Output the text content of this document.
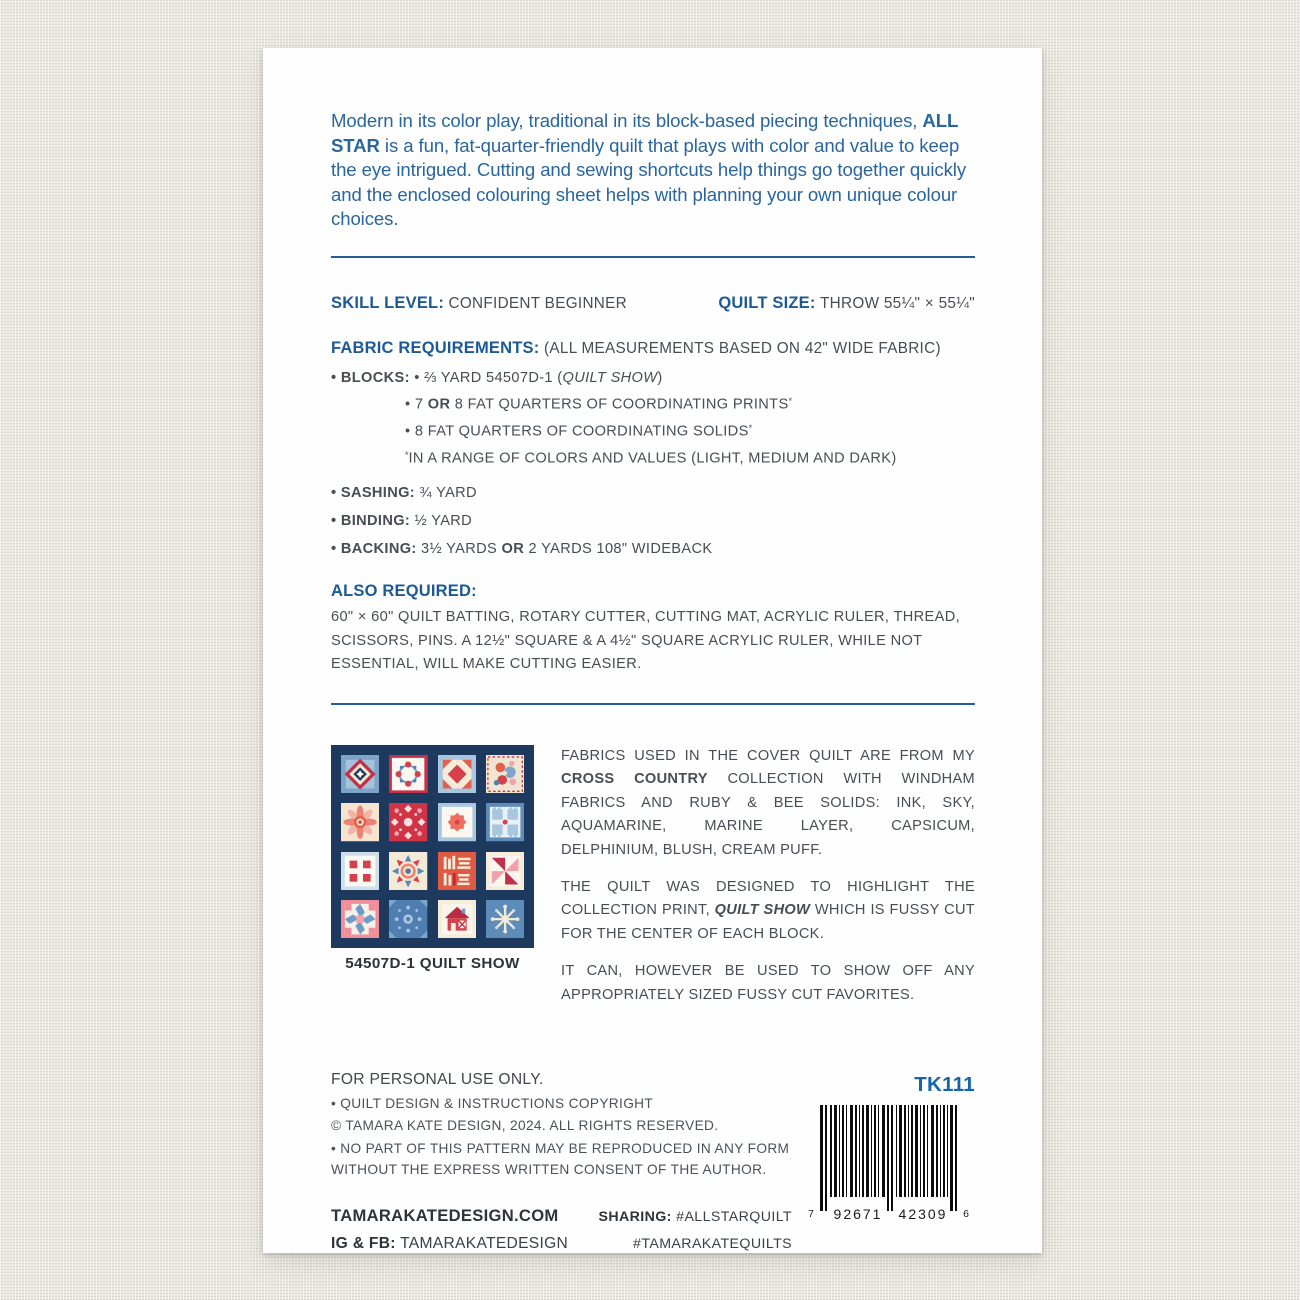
Modern in its color play, traditional in its block-based piecing techniques, ALL STAR is a fun, fat-quarter-friendly quilt that plays with color and value to keep the eye intrigued. Cutting and sewing shortcuts help things go together quickly and the enclosed colouring sheet helps with planning your own unique colour choices.
SKILL LEVEL: CONFIDENT BEGINNER	QUILT SIZE: THROW 55¼" × 55¼"
FABRIC REQUIREMENTS: (ALL MEASUREMENTS BASED ON 42" WIDE FABRIC)
• BLOCKS: • ⅔ YARD 54507D-1 (QUILT SHOW)
• 7 OR 8 FAT QUARTERS OF COORDINATING PRINTS*
• 8 FAT QUARTERS OF COORDINATING SOLIDS*
*IN A RANGE OF COLORS AND VALUES (LIGHT, MEDIUM AND DARK)
• SASHING: ¾ YARD
• BINDING: ½ YARD
• BACKING: 3½ YARDS OR 2 YARDS 108" WIDEBACK
ALSO REQUIRED:
60" × 60" QUILT BATTING, ROTARY CUTTER, CUTTING MAT, ACRYLIC RULER, THREAD, SCISSORS, PINS. A 12½" SQUARE & A 4½" SQUARE ACRYLIC RULER, WHILE NOT ESSENTIAL, WILL MAKE CUTTING EASIER.
54507D-1 QUILT SHOW

FABRICS USED IN THE COVER QUILT ARE FROM MY CROSS COUNTRY COLLECTION WITH WINDHAM FABRICS AND RUBY & BEE SOLIDS: INK, SKY, AQUAMARINE, MARINE LAYER, CAPSICUM, DELPHINIUM, BLUSH, CREAM PUFF.

THE QUILT WAS DESIGNED TO HIGHLIGHT THE COLLECTION PRINT, QUILT SHOW WHICH IS FUSSY CUT FOR THE CENTER OF EACH BLOCK.

IT CAN, HOWEVER BE USED TO SHOW OFF ANY APPROPRIATELY SIZED FUSSY CUT FAVORITES.

FOR PERSONAL USE ONLY.
• QUILT DESIGN & INSTRUCTIONS COPYRIGHT
© TAMARA KATE DESIGN, 2024. ALL RIGHTS RESERVED.
• NO PART OF THIS PATTERN MAY BE REPRODUCED IN ANY FORM WITHOUT THE EXPRESS WRITTEN CONSENT OF THE AUTHOR.
TAMARAKATEDESIGN.COM	SHARING: #ALLSTARQUILT
IG & FB: TAMARAKATEDESIGN	#TAMARAKATEQUILTS
TK111
7 92671 42309 6
